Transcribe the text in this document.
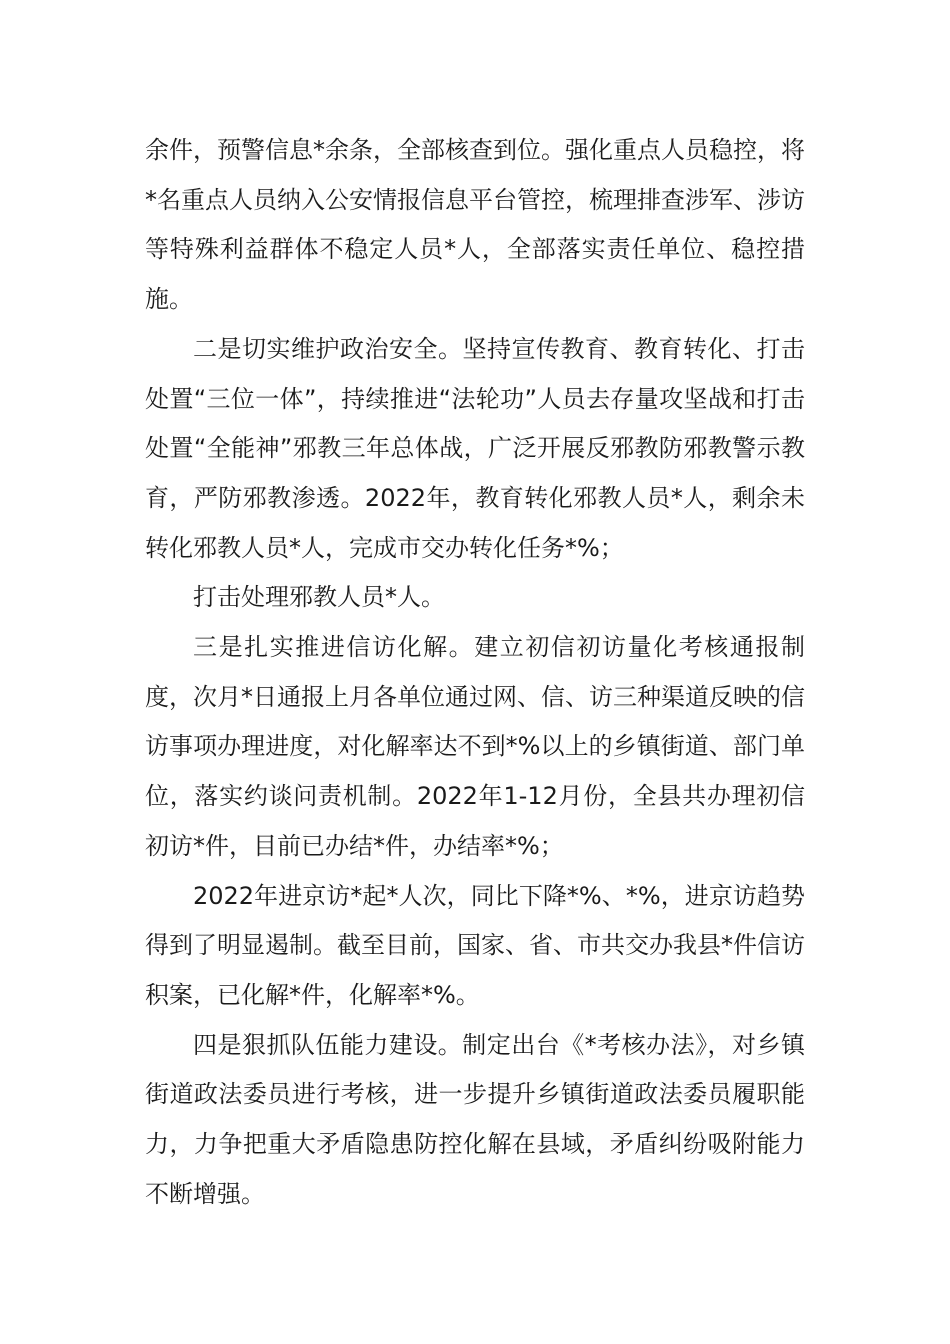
余件，预警信息*余条，全部核查到位。强化重点人员稳控，将*名重点人员纳入公安情报信息平台管控，梳理排查涉军、涉访等特殊利益群体不稳定人员*人，全部落实责任单位、稳控措施。

二是切实维护政治安全。坚持宣传教育、教育转化、打击处置“三位一体”，持续推进“法轮功”人员去存量攻坚战和打击处置“全能神”邪教三年总体战，广泛开展反邪教防邪教警示教育，严防邪教渗透。2022年，教育转化邪教人员*人，剩余未转化邪教人员*人，完成市交办转化任务*%；

打击处理邪教人员*人。

三是扎实推进信访化解。建立初信初访量化考核通报制度，次月*日通报上月各单位通过网、信、访三种渠道反映的信访事项办理进度，对化解率达不到*%以上的乡镇街道、部门单位，落实约谈问责机制。2022年1-12月份，全县共办理初信初访*件，目前已办结*件，办结率*%；

2022年进京访*起*人次，同比下降*%、*%，进京访趋势得到了明显遏制。截至目前，国家、省、市共交办我县*件信访积案，已化解*件，化解率*%。

四是狠抓队伍能力建设。制定出台《*考核办法》，对乡镇街道政法委员进行考核，进一步提升乡镇街道政法委员履职能力，力争把重大矛盾隐患防控化解在县域，矛盾纠纷吸附能力不断增强。
